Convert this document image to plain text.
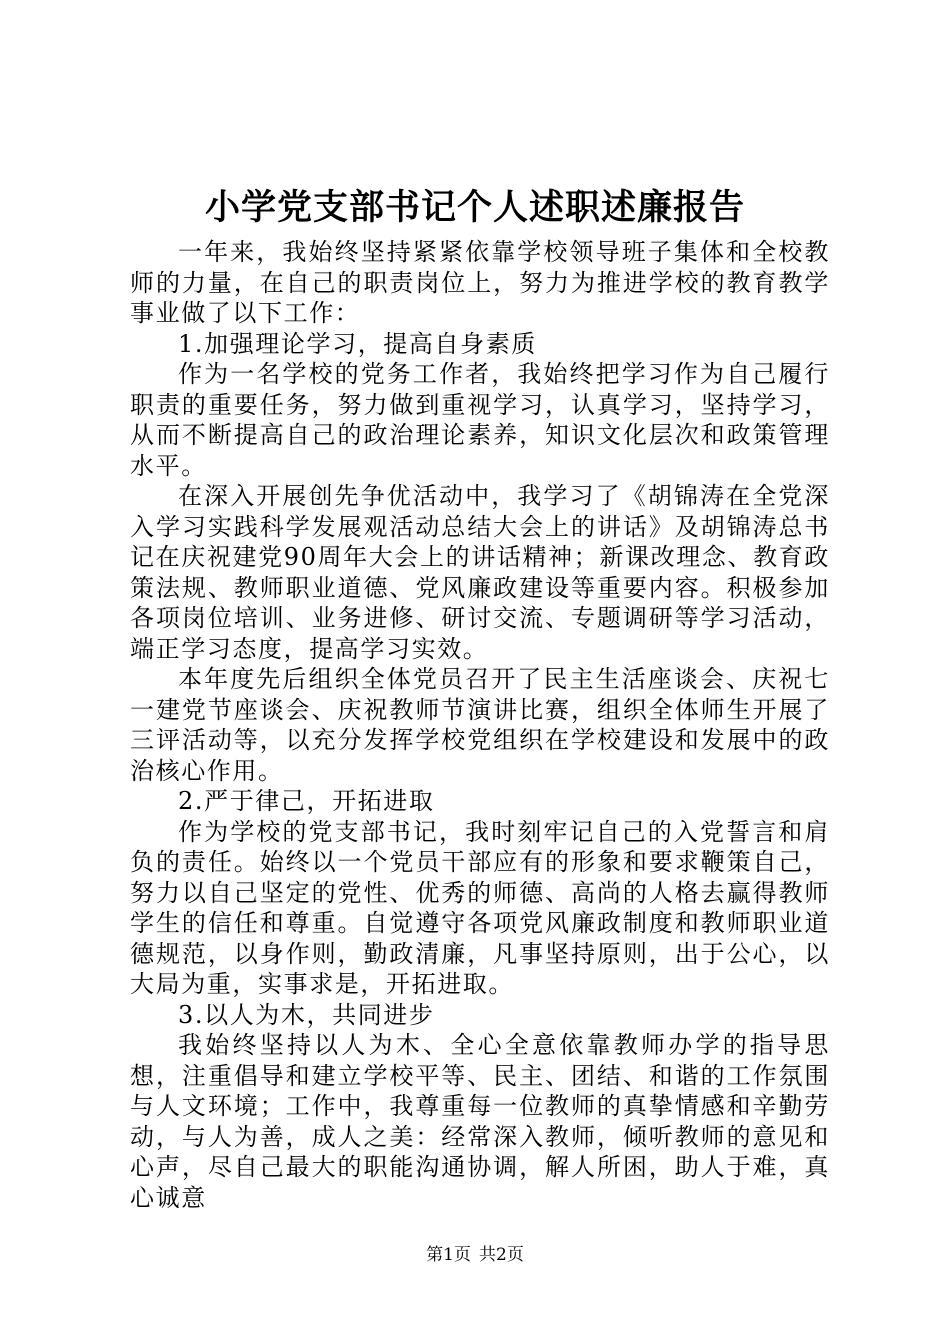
小学党支部书记个人述职述廉报告

一年来，我始终坚持紧紧依靠学校领导班子集体和全校教师的力量，在自己的职责岗位上，努力为推进学校的教育教学事业做了以下工作：

1.加强理论学习，提高自身素质

作为一名学校的党务工作者，我始终把学习作为自己履行职责的重要任务，努力做到重视学习，认真学习，坚持学习，从而不断提高自己的政治理论素养，知识文化层次和政策管理水平。

在深入开展创先争优活动中，我学习了《胡锦涛在全党深入学习实践科学发展观活动总结大会上的讲话》及胡锦涛总书记在庆祝建党90周年大会上的讲话精神；新课改理念、教育政策法规、教师职业道德、党风廉政建设等重要内容。积极参加各项岗位培训、业务进修、研讨交流、专题调研等学习活动，端正学习态度，提高学习实效。

本年度先后组织全体党员召开了民主生活座谈会、庆祝七一建党节座谈会、庆祝教师节演讲比赛，组织全体师生开展了三评活动等，以充分发挥学校党组织在学校建设和发展中的政治核心作用。

2.严于律己，开拓进取

作为学校的党支部书记，我时刻牢记自己的入党誓言和肩负的责任。始终以一个党员干部应有的形象和要求鞭策自己，努力以自己坚定的党性、优秀的师德、高尚的人格去赢得教师学生的信任和尊重。自觉遵守各项党风廉政制度和教师职业道德规范，以身作则，勤政清廉，凡事坚持原则，出于公心，以大局为重，实事求是，开拓进取。

3.以人为木，共同进步

我始终坚持以人为木、全心全意依靠教师办学的指导思想，注重倡导和建立学校平等、民主、团结、和谐的工作氛围与人文环境；工作中，我尊重每一位教师的真挚情感和辛勤劳动，与人为善，成人之美：经常深入教师，倾听教师的意见和心声，尽自己最大的职能沟通协调，解人所困，助人于难，真心诚意

第1页 共2页
